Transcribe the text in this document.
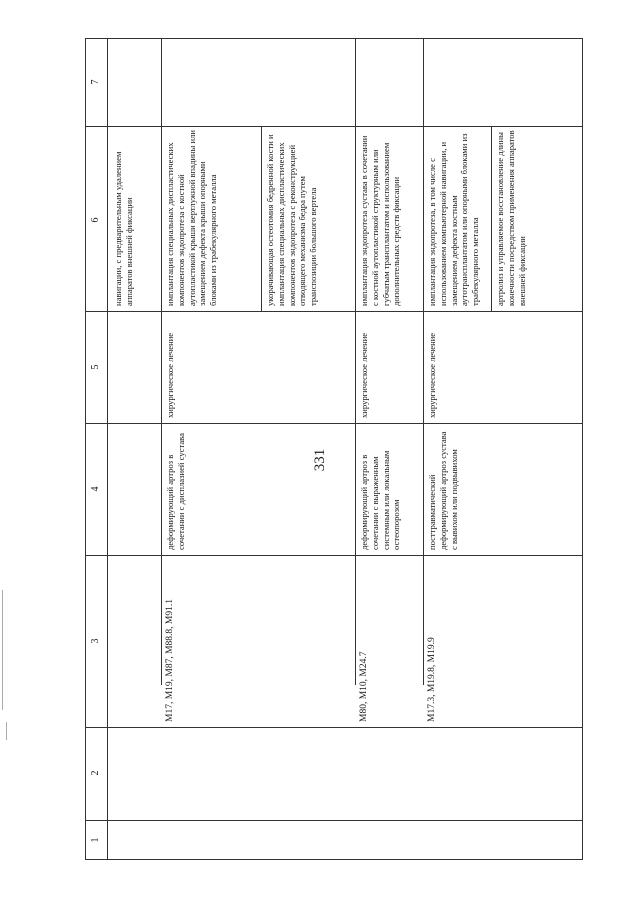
331
7
6
5
4
3
2
1
навигации, с предварительным удалением аппаратов внешней фиксации
M17, M19, M87, M88.8, M91.1
деформирующий артроз в сочетании с дисплазией сустава
хирургическое лечение
имплантация специальных диспластических компонентов эндопротеза с костной аутопластикой крыши вертлужной впадины или замещением дефекта крыши опорными блоками из трабекулярного металла	укорачивающая остеотомия бедренной кости и имплантация специальных диспластических компонентов эндопротеза с реконструкцией отводящего механизма бедра путем транспозиции большого вертела
M80, M10, M24.7
деформирующий артроз в сочетании с выраженным системным или локальным остеопорозом
хирургическое лечение
имплантация эндопротеза сустава в сочетании с костной аутопластикой структурным или губчатым трансплантатом и использованием дополнительных средств фиксации
M17.3, M19.8, M19.9
посттравматический деформирующий артроз сустава с вывихом или подвывихом
хирургическое лечение
имплантация эндопротеза, в том числе с использованием компьютерной навигации, и замещением дефекта костным аутотрансплантатом или опорными блоками из трабекулярного металла артролиз и управляемое восстановление длины конечности посредством применения аппаратов внешней фиксации
